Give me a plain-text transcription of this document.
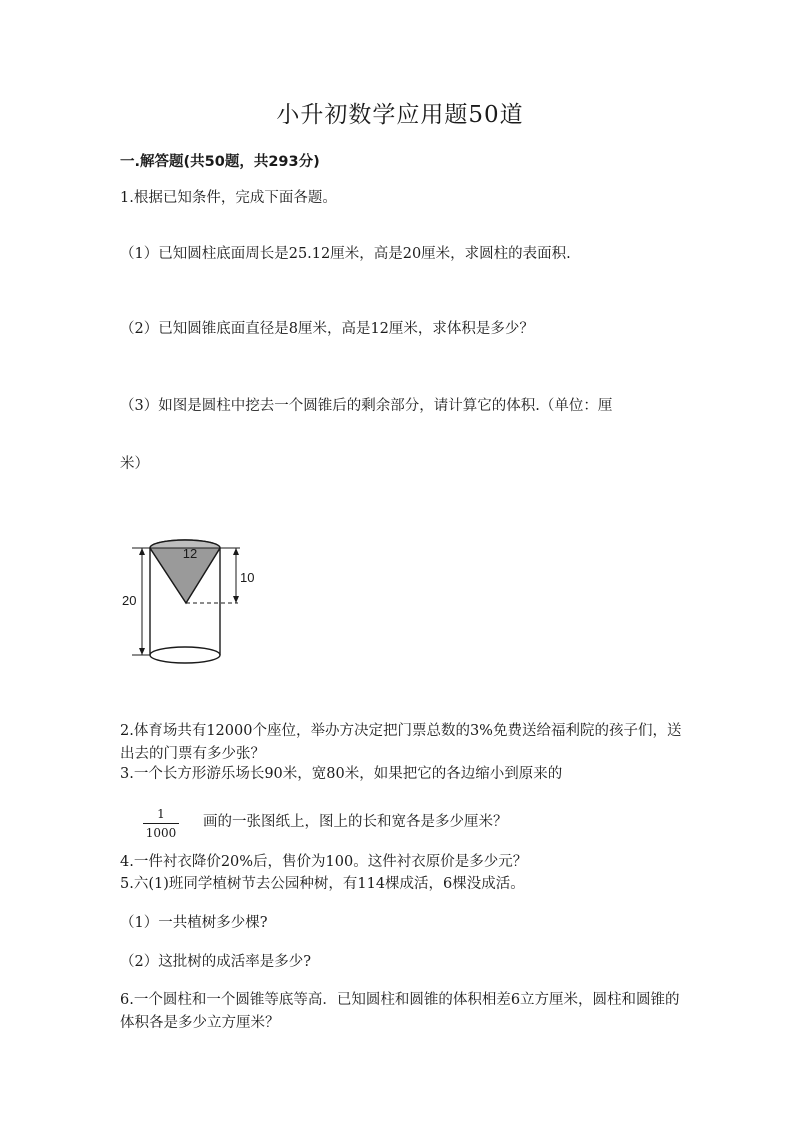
小升初数学应用题50道
一.解答题(共50题，共293分)
1.根据已知条件，完成下面各题。
（1）已知圆柱底面周长是25.12厘米，高是20厘米，求圆柱的表面积.
（2）已知圆锥底面直径是8厘米，高是12厘米，求体积是多少？
（3）如图是圆柱中挖去一个圆锥后的剩余部分，请计算它的体积.（单位：厘
米）
12
10
20
2.体育场共有12000个座位，举办方决定把门票总数的3%免费送给福利院的孩子们，送出去的门票有多少张？
3.一个长方形游乐场长90米，宽80米，如果把它的各边缩小到原来的
$\frac{1}{1000}$ 画的一张图纸上，图上的长和宽各是多少厘米？
4.一件衬衣降价20%后，售价为100。这件衬衣原价是多少元？
5.六(1)班同学植树节去公园种树，有114棵成活，6棵没成活。
（1）一共植树多少棵?
（2）这批树的成活率是多少?
6.一个圆柱和一个圆锥等底等高．已知圆柱和圆锥的体积相差6立方厘米，圆柱和圆锥的体积各是多少立方厘米？
